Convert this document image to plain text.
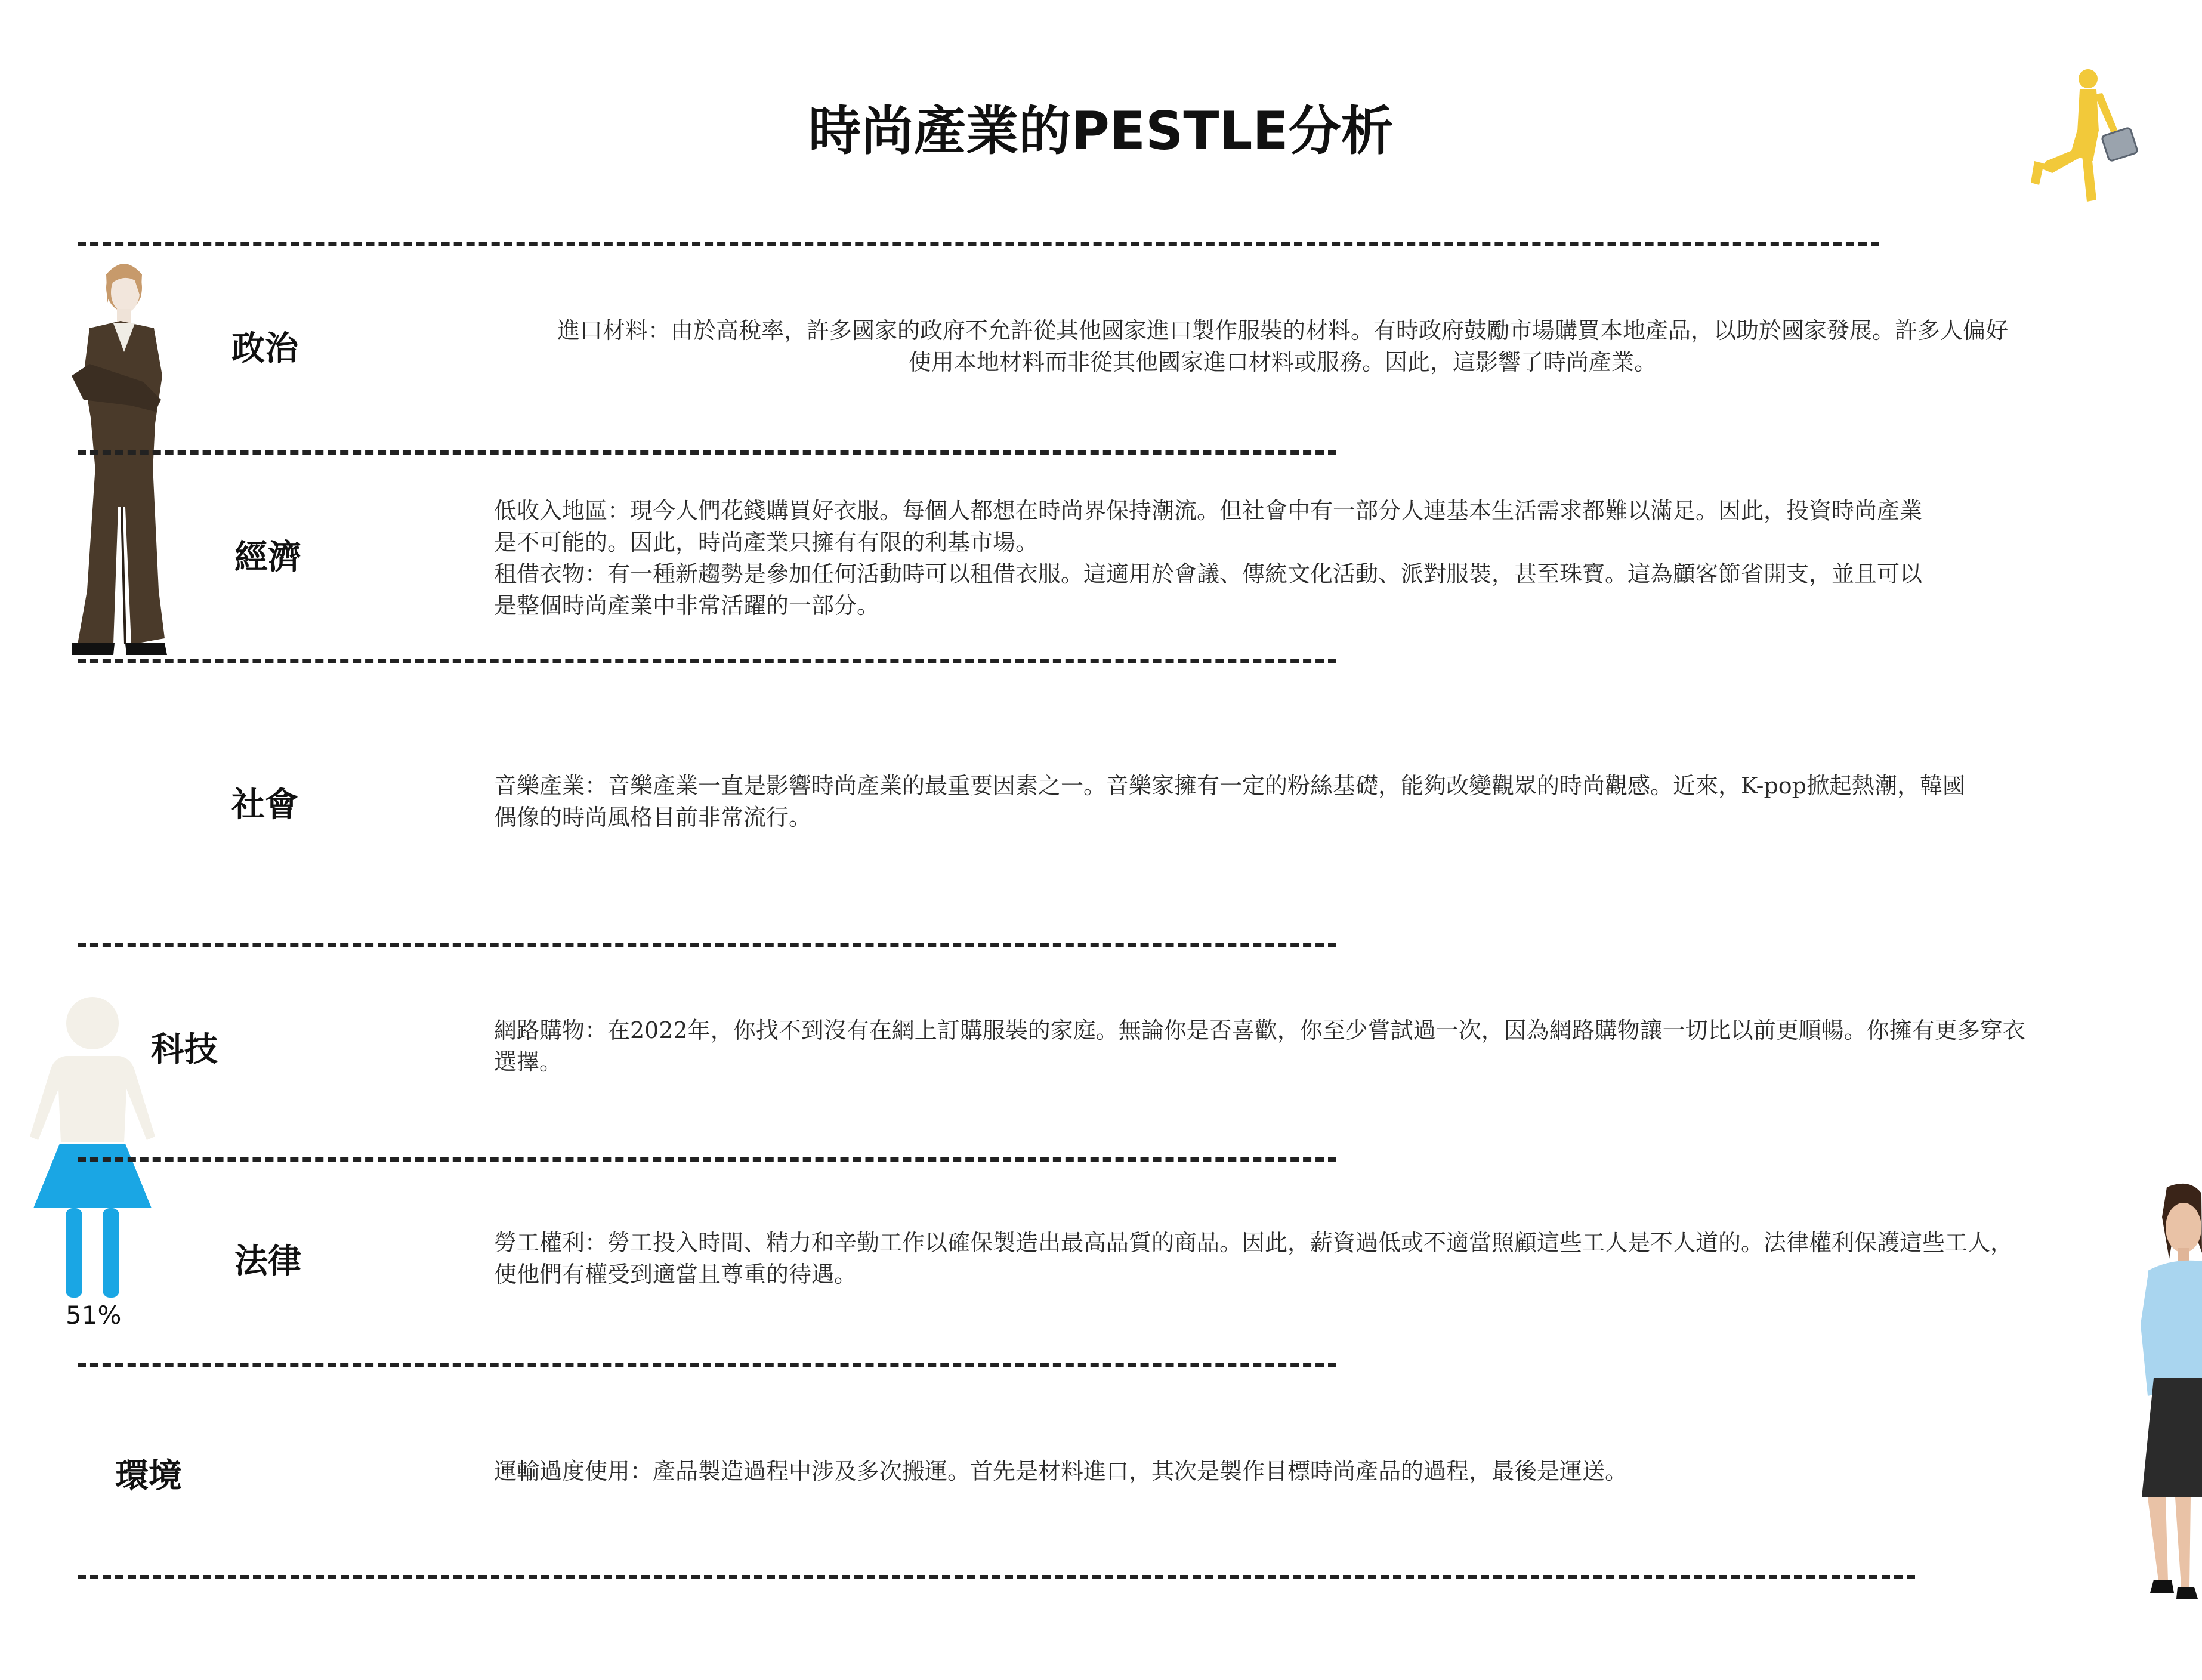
時尚產業的PESTLE分析
51%
政治
經濟
社會
科技
法律
環境
進口材料：由於高稅率，許多國家的政府不允許從其他國家進口製作服裝的材料。有時政府鼓勵市場購買本地產品，以助於國家發展。許多人偏好
使用本地材料而非從其他國家進口材料或服務。因此，這影響了時尚產業。
低收入地區：現今人們花錢購買好衣服。每個人都想在時尚界保持潮流。但社會中有一部分人連基本生活需求都難以滿足。因此，投資時尚產業
是不可能的。因此，時尚產業只擁有有限的利基市場。
租借衣物：有一種新趨勢是參加任何活動時可以租借衣服。這適用於會議、傳統文化活動、派對服裝，甚至珠寶。這為顧客節省開支，並且可以
是整個時尚產業中非常活躍的一部分。
音樂產業：音樂產業一直是影響時尚產業的最重要因素之一。音樂家擁有一定的粉絲基礎，能夠改變觀眾的時尚觀感。近來，K-pop掀起熱潮，韓國
偶像的時尚風格目前非常流行。
網路購物：在2022年，你找不到沒有在網上訂購服裝的家庭。無論你是否喜歡，你至少嘗試過一次，因為網路購物讓一切比以前更順暢。你擁有更多穿衣
選擇。
勞工權利：勞工投入時間、精力和辛勤工作以確保製造出最高品質的商品。因此，薪資過低或不適當照顧這些工人是不人道的。法律權利保護這些工人，
使他們有權受到適當且尊重的待遇。
運輸過度使用：產品製造過程中涉及多次搬運。首先是材料進口，其次是製作目標時尚產品的過程，最後是運送。
